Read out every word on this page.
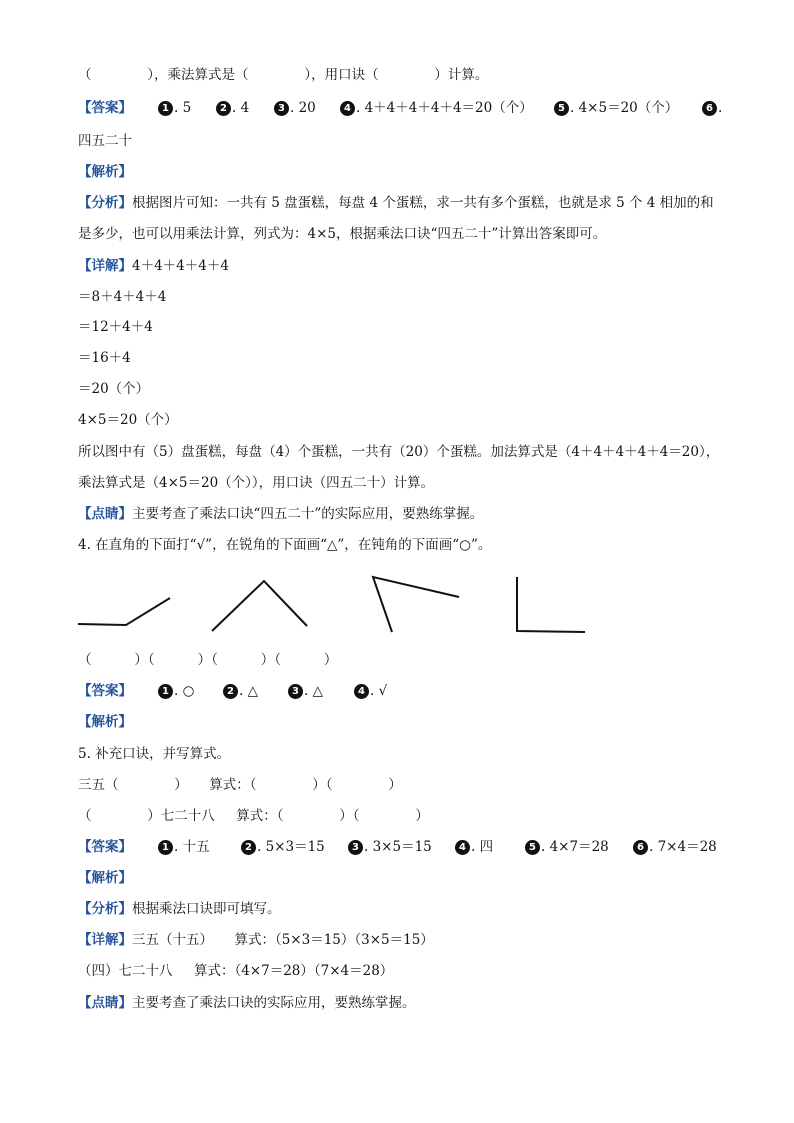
（             ），乘法算式是（             ），用口诀（             ）计算。
【答案】	1 . 5	2 . 4	3 . 20	4 . 4＋4＋4＋4＋4＝20（个）	5 . 4×5＝20（个）	6 .
四五二十
【解析】
【分析】根据图片可知：一共有 5 盘蛋糕，每盘 4 个蛋糕，求一共有多个蛋糕，也就是求 5 个 4 相加的和
是多少，也可以用乘法计算，列式为：4×5，根据乘法口诀“四五二十”计算出答案即可。
【详解】4＋4＋4＋4＋4
＝8＋4＋4＋4
＝12＋4＋4
＝16＋4
＝20（个）
4×5＝20（个）
所以图中有（5）盘蛋糕，每盘（4）个蛋糕，一共有（20）个蛋糕。加法算式是（4＋4＋4＋4＋4＝20），
乘法算式是（4×5＝20（个）），用口诀（四五二十）计算。
【点睛】主要考查了乘法口诀“四五二十”的实际应用，要熟练掌握。
4. 在直角的下面打“√”，在锐角的下面画“△”，在钝角的下面画“○”。
（          ）（          ）（          ）（          ）
【答案】	1 . ○	2 . △	3 . △	4 . √
【解析】
5. 补充口诀，并写算式。
三五（             ）     算式：（             ）（             ）
（             ）七二十八     算式：（             ）（             ）
【答案】	1 . 十五	2 . 5×3＝15	3 . 3×5＝15	4 . 四	5 . 4×7＝28	6 . 7×4＝28
【解析】
【分析】根据乘法口诀即可填写。
【详解】三五（十五）     算式：（5×3＝15）（3×5＝15）
（四）七二十八     算式：（4×7＝28）（7×4＝28）
【点睛】主要考查了乘法口诀的实际应用，要熟练掌握。
